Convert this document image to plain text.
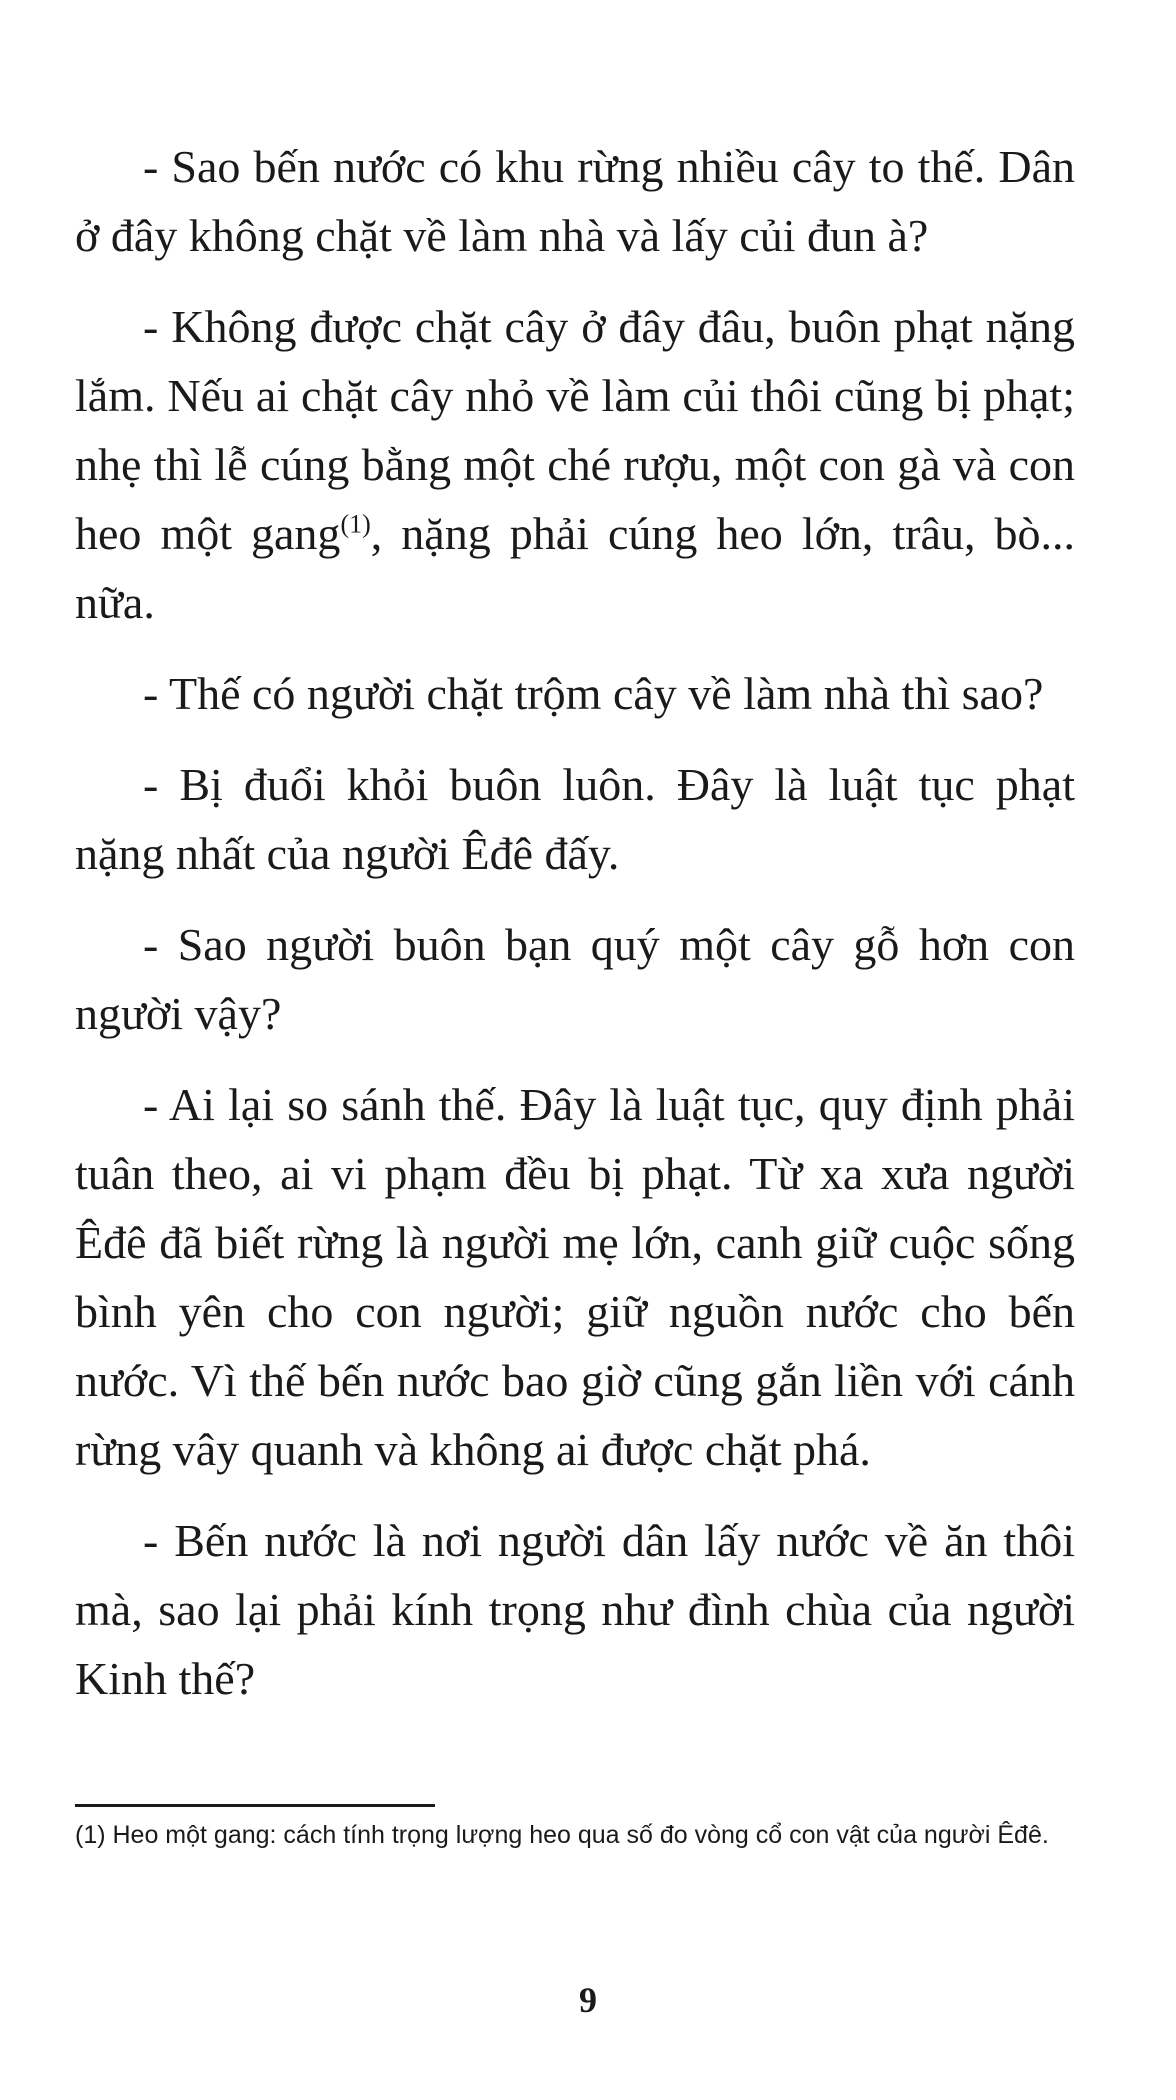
- Sao bến nước có khu rừng nhiều cây to thế. Dân ở đây không chặt về làm nhà và lấy củi đun à?

- Không được chặt cây ở đây đâu, buôn phạt nặng lắm. Nếu ai chặt cây nhỏ về làm củi thôi cũng bị phạt; nhẹ thì lễ cúng bằng một ché rượu, một con gà và con heo một gang$^{(1)}$, nặng phải cúng heo lớn, trâu, bò... nữa.

- Thế có người chặt trộm cây về làm nhà thì sao?

- Bị đuổi khỏi buôn luôn. Đây là luật tục phạt nặng nhất của người Êđê đấy.

- Sao người buôn bạn quý một cây gỗ hơn con người vậy?

- Ai lại so sánh thế. Đây là luật tục, quy định phải tuân theo, ai vi phạm đều bị phạt. Từ xa xưa người Êđê đã biết rừng là người mẹ lớn, canh giữ cuộc sống bình yên cho con người; giữ nguồn nước cho bến nước. Vì thế bến nước bao giờ cũng gắn liền với cánh rừng vây quanh và không ai được chặt phá.

- Bến nước là nơi người dân lấy nước về ăn thôi mà, sao lại phải kính trọng như đình chùa của người Kinh thế?

(1) Heo một gang: cách tính trọng lượng heo qua số đo vòng cổ con vật của người Êđê.

9
